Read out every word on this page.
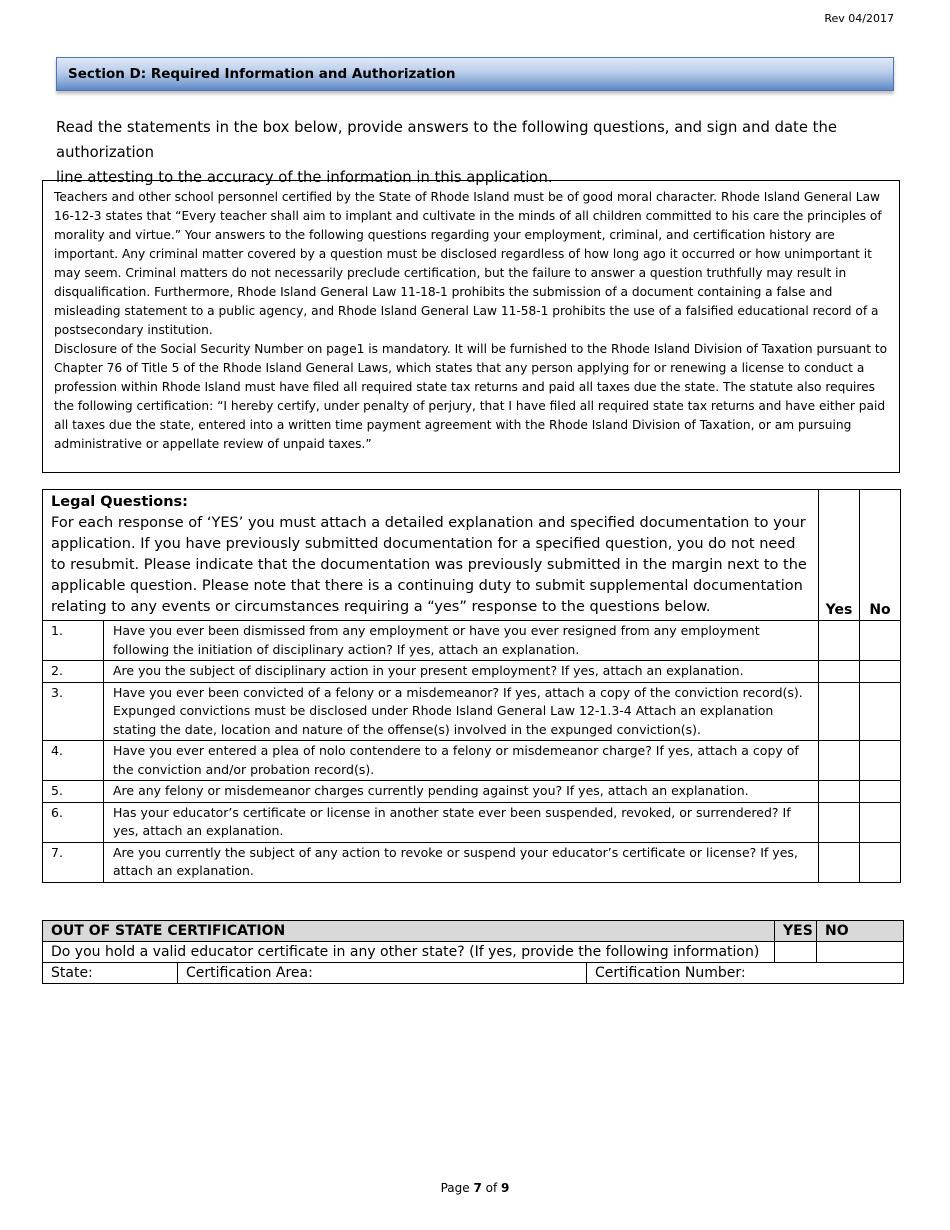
Rev 04/2017
Section D: Required Information and Authorization
Read the statements in the box below, provide answers to the following questions, and sign and date the authorization
line attesting to the accuracy of the information in this application.

Teachers and other school personnel certified by the State of Rhode Island must be of good moral character. Rhode Island General Law 16-12-3 states that “Every teacher shall aim to implant and cultivate in the minds of all children committed to his care the principles of morality and virtue.” Your answers to the following questions regarding your employment, criminal, and certification history are important. Any criminal matter covered by a question must be disclosed regardless of how long ago it occurred or how unimportant it may seem. Criminal matters do not necessarily preclude certification, but the failure to answer a question truthfully may result in disqualification. Furthermore, Rhode Island General Law 11-18-1 prohibits the submission of a document containing a false and misleading statement to a public agency, and Rhode Island General Law 11-58-1 prohibits the use of a falsified educational record of a postsecondary institution.

Disclosure of the Social Security Number on page1 is mandatory. It will be furnished to the Rhode Island Division of Taxation pursuant to Chapter 76 of Title 5 of the Rhode Island General Laws, which states that any person applying for or renewing a license to conduct a profession within Rhode Island must have filed all required state tax returns and paid all taxes due the state. The statute also requires the following certification: “I hereby certify, under penalty of perjury, that I have filed all required state tax returns and have either paid all taxes due the state, entered into a written time payment agreement with the Rhode Island Division of Taxation, or am pursuing administrative or appellate review of unpaid taxes.”

Legal Questions:
For each response of ‘YES’ you must attach a detailed explanation and specified documentation to your application. If you have previously submitted documentation for a specified question, you do not need to resubmit. Please indicate that the documentation was previously submitted in the margin next to the applicable question. Please note that there is a continuing duty to submit supplemental documentation relating to any events or circumstances requiring a “yes” response to the questions below.		Yes	No
1.	Have you ever been dismissed from any employment or have you ever resigned from any employment following the initiation of disciplinary action? If yes, attach an explanation.		
2.	Are you the subject of disciplinary action in your present employment? If yes, attach an explanation.		
3.	Have you ever been convicted of a felony or a misdemeanor? If yes, attach a copy of the conviction record(s). Expunged convictions must be disclosed under Rhode Island General Law 12-1.3-4 Attach an explanation stating the date, location and nature of the offense(s) involved in the expunged conviction(s).		
4.	Have you ever entered a plea of nolo contendere to a felony or misdemeanor charge? If yes, attach a copy of the conviction and/or probation record(s).		
5.	Are any felony or misdemeanor charges currently pending against you? If yes, attach an explanation.		
6.	Has your educator’s certificate or license in another state ever been suspended, revoked, or surrendered? If yes, attach an explanation.		
7.	Are you currently the subject of any action to revoke or suspend your educator’s certificate or license? If yes, attach an explanation.		
OUT OF STATE CERTIFICATION			YES	NO
Do you hold a valid educator certificate in any other state? (If yes, provide the following information)				
State:	Certification Area:	Certification Number:		
Page 7 of 9
